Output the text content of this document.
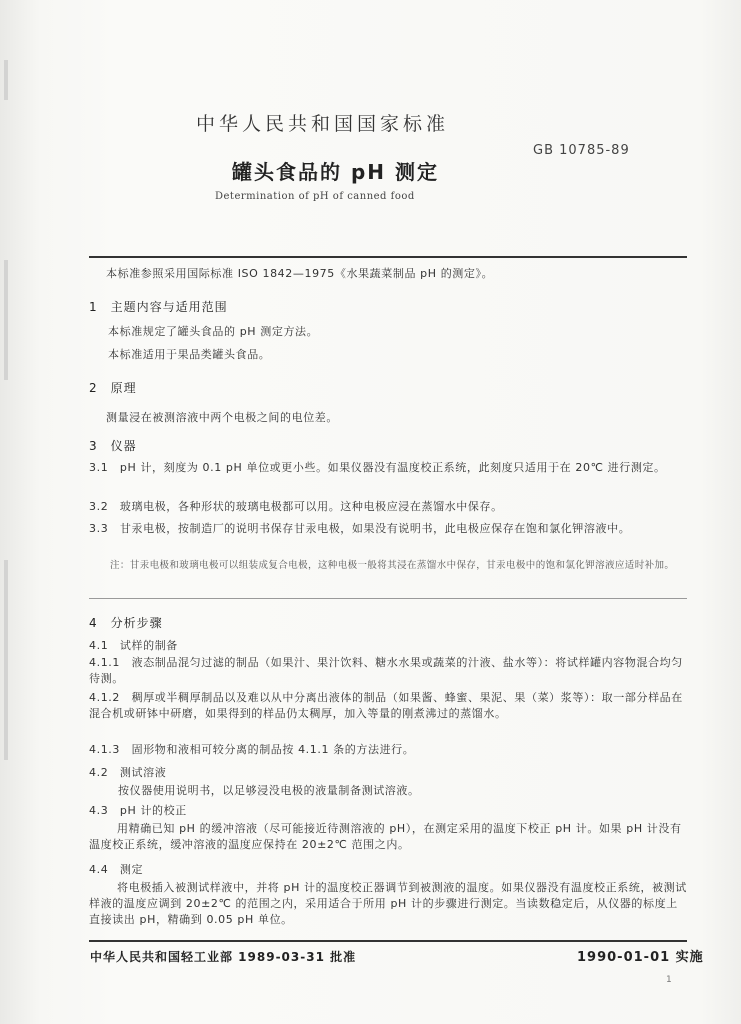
中华人民共和国国家标准
GB 10785-89
罐头食品的 pH 测定
Determination of pH of canned food
本标准参照采用国际标准 ISO 1842—1975《水果蔬菜制品 pH 的测定》。
1　主题内容与适用范围
本标准规定了罐头食品的 pH 测定方法。
本标准适用于果品类罐头食品。
2　原理
测量浸在被测溶液中两个电极之间的电位差。
3　仪器
3.1　pH 计，刻度为 0.1 pH 单位或更小些。如果仪器没有温度校正系统，此刻度只适用于在 20℃ 进行测定。
3.2　玻璃电极，各种形状的玻璃电极都可以用。这种电极应浸在蒸馏水中保存。
3.3　甘汞电极，按制造厂的说明书保存甘汞电极，如果没有说明书，此电极应保存在饱和氯化钾溶液中。
注：甘汞电极和玻璃电极可以组装成复合电极，这种电极一般将其浸在蒸馏水中保存，甘汞电极中的饱和氯化钾溶液应适时补加。
4　分析步骤
4.1　试样的制备
4.1.1　液态制品混匀过滤的制品（如果汁、果汁饮料、糖水水果或蔬菜的汁液、盐水等）：将试样罐内容物混合均匀待测。
4.1.2　稠厚或半稠厚制品以及难以从中分离出液体的制品（如果酱、蜂蜜、果泥、果（菜）浆等）：取一部分样品在混合机或研钵中研磨，如果得到的样品仍太稠厚，加入等量的刚煮沸过的蒸馏水。
4.1.3　固形物和液相可较分离的制品按 4.1.1 条的方法进行。
4.2　测试溶液
按仪器使用说明书，以足够浸没电极的液量制备测试溶液。
4.3　pH 计的校正
用精确已知 pH 的缓冲溶液（尽可能接近待测溶液的 pH），在测定采用的温度下校正 pH 计。如果 pH 计没有温度校正系统，缓冲溶液的温度应保持在 20±2℃ 范围之内。
4.4　测定
将电极插入被测试样液中，并将 pH 计的温度校正器调节到被测液的温度。如果仪器没有温度校正系统，被测试样液的温度应调到 20±2℃ 的范围之内，采用适合于所用 pH 计的步骤进行测定。当读数稳定后，从仪器的标度上直接读出 pH，精确到 0.05 pH 单位。
中华人民共和国轻工业部 1989-03-31 批准	1990-01-01 实施
1
